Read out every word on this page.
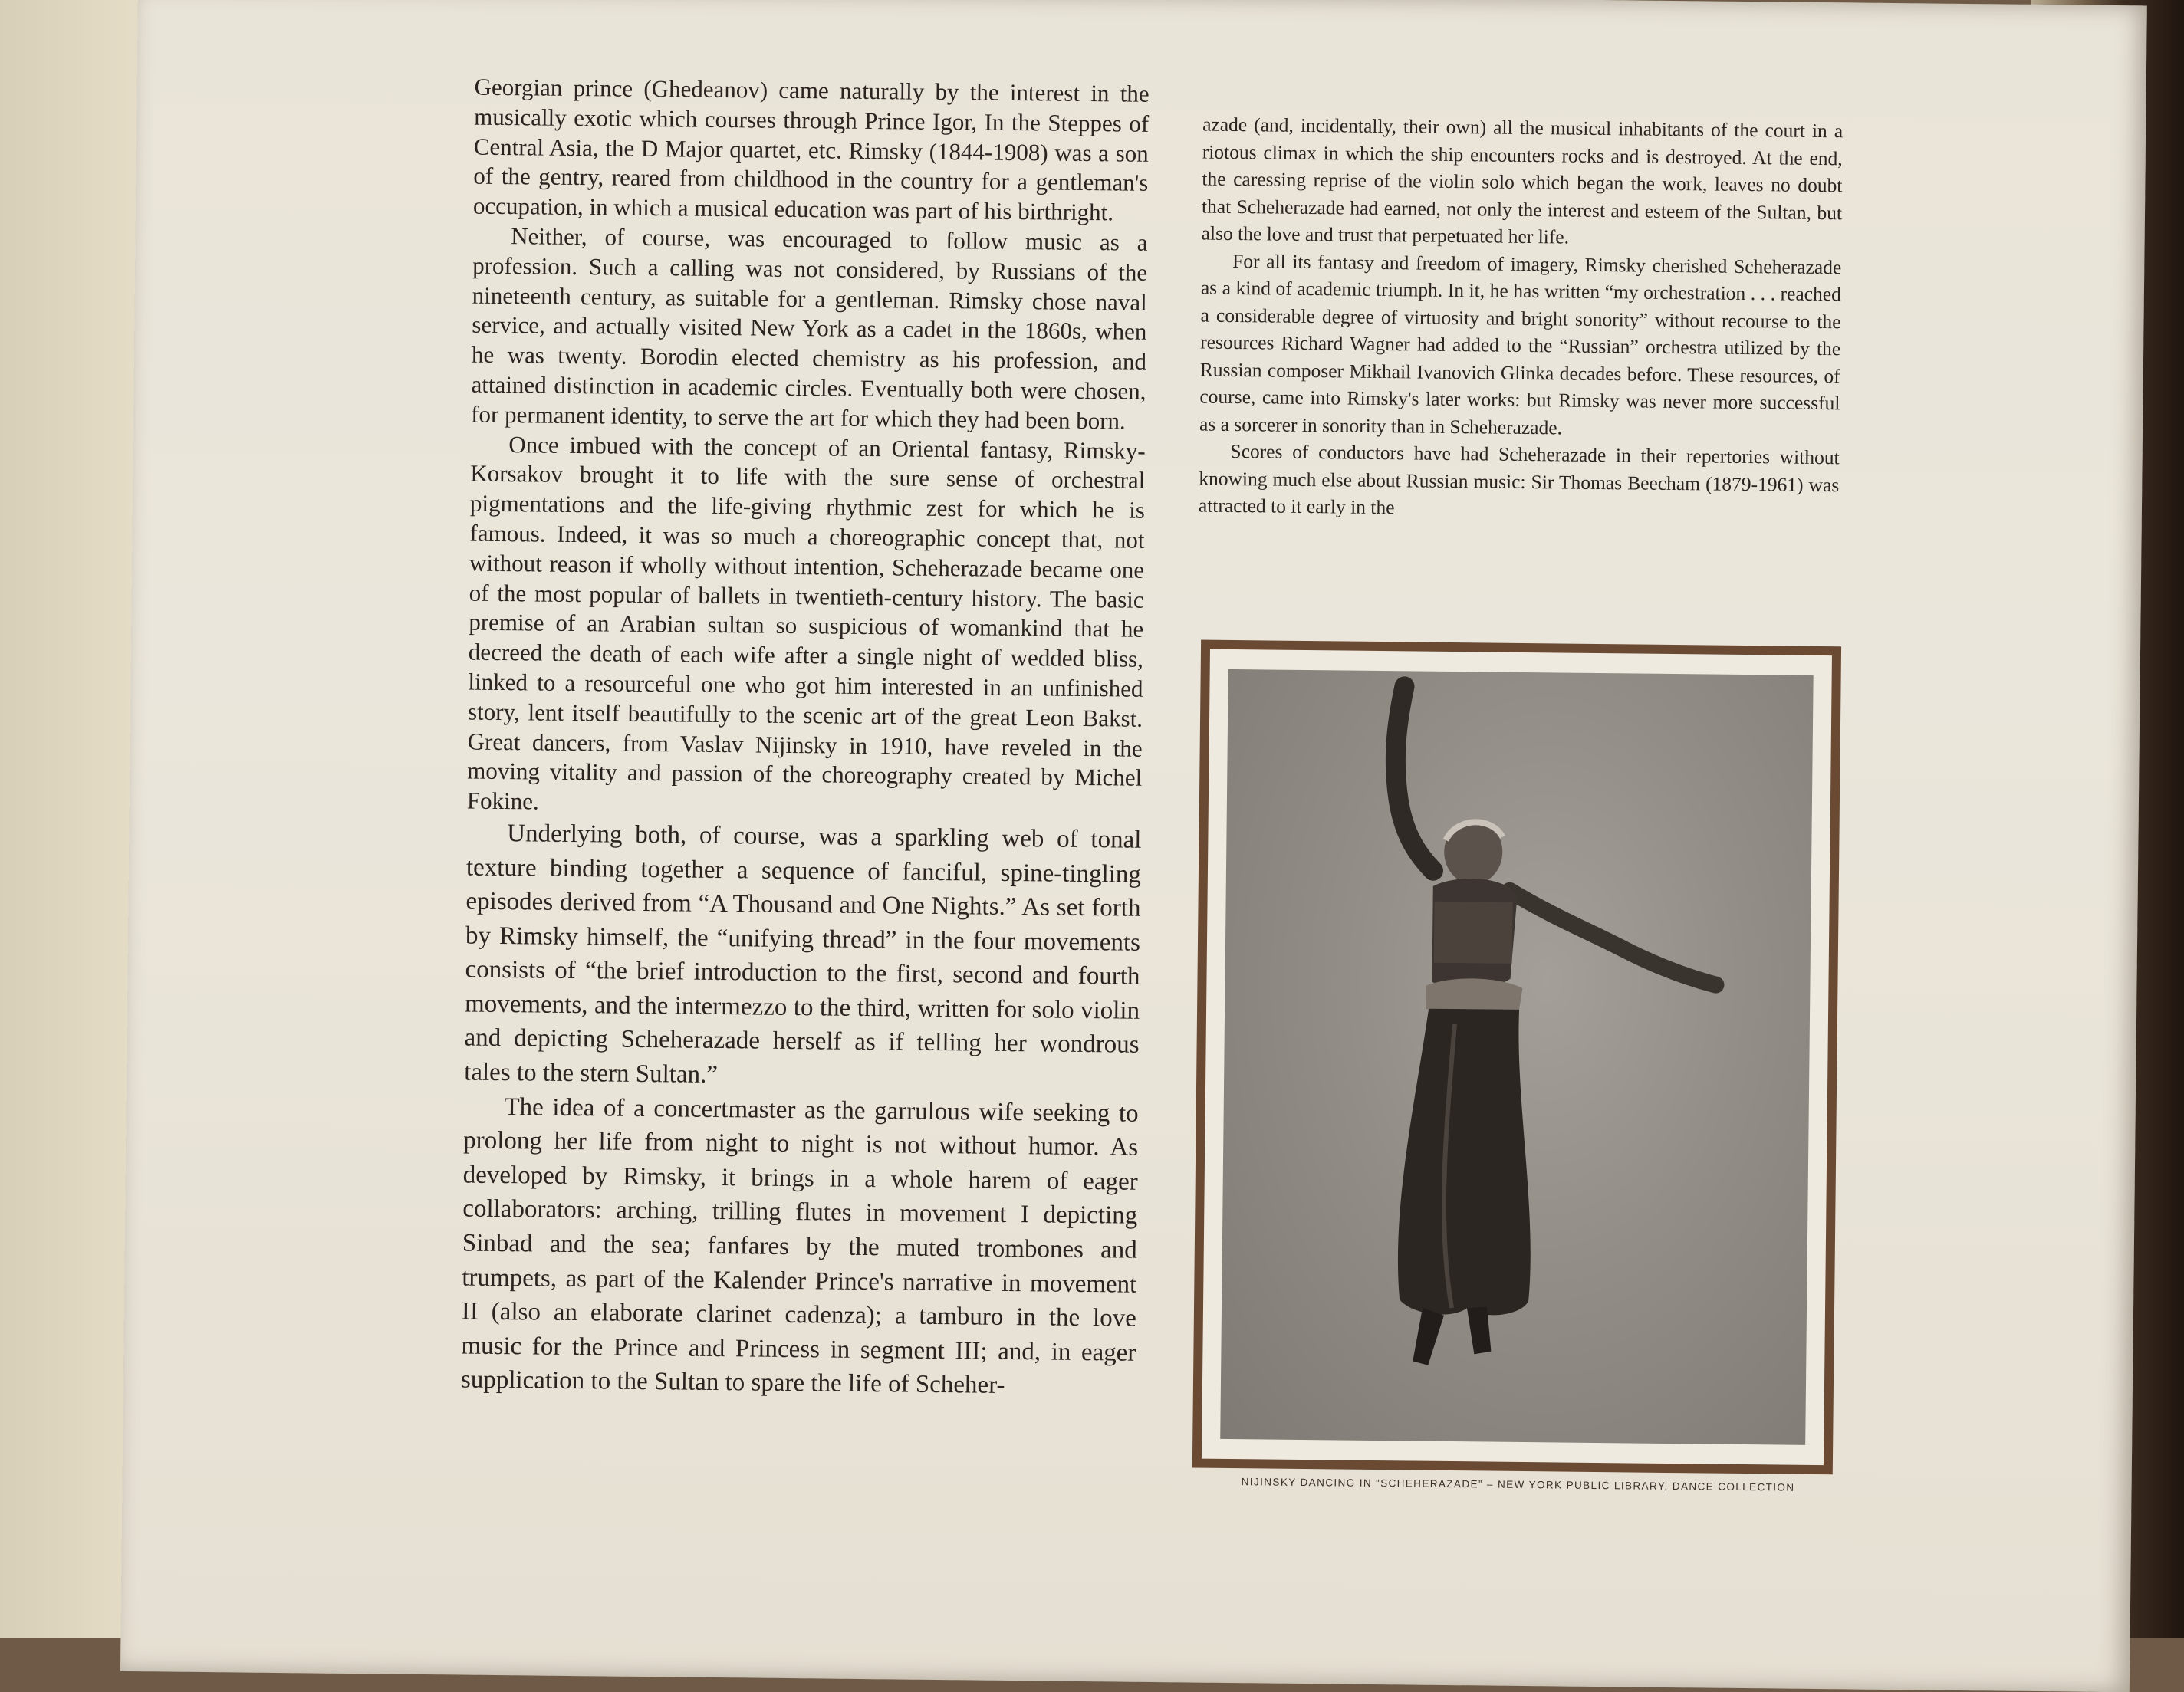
Georgian prince (Ghedeanov) came naturally by the interest in the musically exotic which courses through Prince Igor, In the Steppes of Central Asia, the D Major quartet, etc. Rimsky (1844-1908) was a son of the gentry, reared from childhood in the country for a gentleman's occupation, in which a musical education was part of his birthright.

Neither, of course, was encouraged to follow music as a profession. Such a calling was not considered, by Russians of the nineteenth century, as suitable for a gentleman. Rimsky chose naval service, and actually visited New York as a cadet in the 1860s, when he was twenty. Borodin elected chemistry as his profession, and attained distinction in academic circles. Eventually both were chosen, for permanent identity, to serve the art for which they had been born.

Once imbued with the concept of an Oriental fantasy, Rimsky-Korsakov brought it to life with the sure sense of orchestral pigmentations and the life-giving rhythmic zest for which he is famous. Indeed, it was so much a choreographic concept that, not without reason if wholly without intention, Scheherazade became one of the most popular of ballets in twentieth-century history. The basic premise of an Arabian sultan so suspicious of womankind that he decreed the death of each wife after a single night of wedded bliss, linked to a resourceful one who got him interested in an unfinished story, lent itself beautifully to the scenic art of the great Leon Bakst. Great dancers, from Vaslav Nijinsky in 1910, have reveled in the moving vitality and passion of the choreography created by Michel Fokine.

Underlying both, of course, was a sparkling web of tonal texture binding together a sequence of fanciful, spine-tingling episodes derived from “A Thousand and One Nights.” As set forth by Rimsky himself, the “unifying thread” in the four movements consists of “the brief introduction to the first, second and fourth movements, and the intermezzo to the third, written for solo violin and depicting Scheherazade herself as if telling her wondrous tales to the stern Sultan.”

The idea of a concertmaster as the garrulous wife seeking to prolong her life from night to night is not without humor. As developed by Rimsky, it brings in a whole harem of eager collaborators: arching, trilling flutes in movement I depicting Sinbad and the sea; fanfares by the muted trombones and trumpets, as part of the Kalender Prince's narrative in movement II (also an elaborate clarinet cadenza); a tamburo in the love music for the Prince and Princess in segment III; and, in eager supplication to the Sultan to spare the life of Scheher-

azade (and, incidentally, their own) all the musical inhabitants of the court in a riotous climax in which the ship encounters rocks and is destroyed. At the end, the caressing reprise of the violin solo which began the work, leaves no doubt that Scheherazade had earned, not only the interest and esteem of the Sultan, but also the love and trust that perpetuated her life.

For all its fantasy and freedom of imagery, Rimsky cherished Scheherazade as a kind of academic triumph. In it, he has written “my orchestration . . . reached a considerable degree of virtuosity and bright sonority” without recourse to the resources Richard Wagner had added to the “Russian” orchestra utilized by the Russian composer Mikhail Ivanovich Glinka decades before. These resources, of course, came into Rimsky's later works: but Rimsky was never more successful as a sorcerer in sonority than in Scheherazade.

Scores of conductors have had Scheherazade in their repertories without knowing much else about Russian music: Sir Thomas Beecham (1879-1961) was attracted to it early in the

NIJINSKY DANCING IN “SCHEHERAZADE” – NEW YORK PUBLIC LIBRARY, DANCE COLLECTION
